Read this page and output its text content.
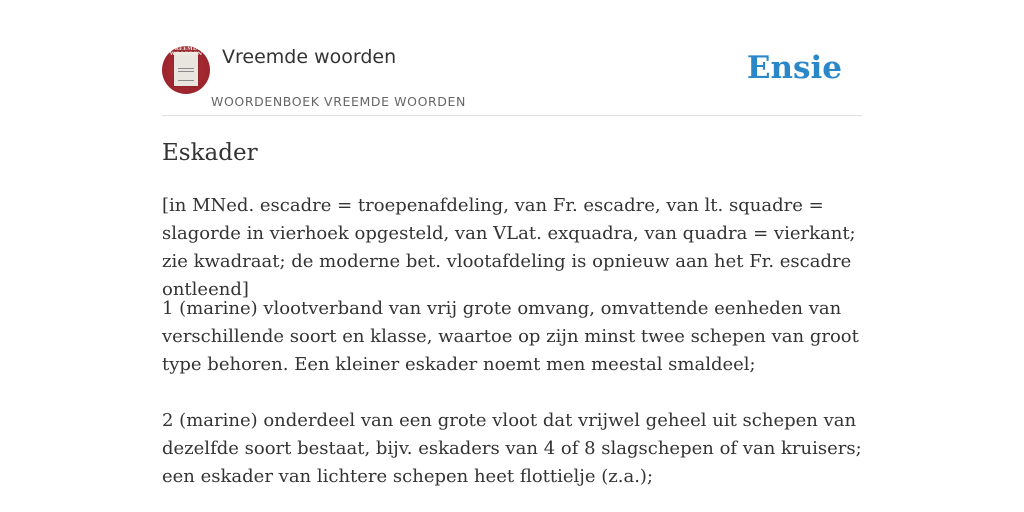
VREEMDE
WOORDEN Vreemde woorden
WOORDENBOEK VREEMDE WOORDEN
Ensie
Eskader

[in MNed. escadre = troepenafdeling, van Fr. escadre, van lt. squadre = slagorde in vierhoek opgesteld, van VLat. exquadra, van quadra = vierkant; zie kwadraat; de moderne bet. vlootafdeling is opnieuw aan het Fr. escadre ontleend]

1 (marine) vlootverband van vrij grote omvang, omvattende eenheden van verschillende soort en klasse, waartoe op zijn minst twee schepen van groot type behoren. Een kleiner eskader noemt men meestal smaldeel;

2 (marine) onderdeel van een grote vloot dat vrijwel geheel uit schepen van dezelfde soort bestaat, bijv. eskaders van 4 of 8 slagschepen of van kruisers; een eskader van lichtere schepen heet flottielje (z.a.);
